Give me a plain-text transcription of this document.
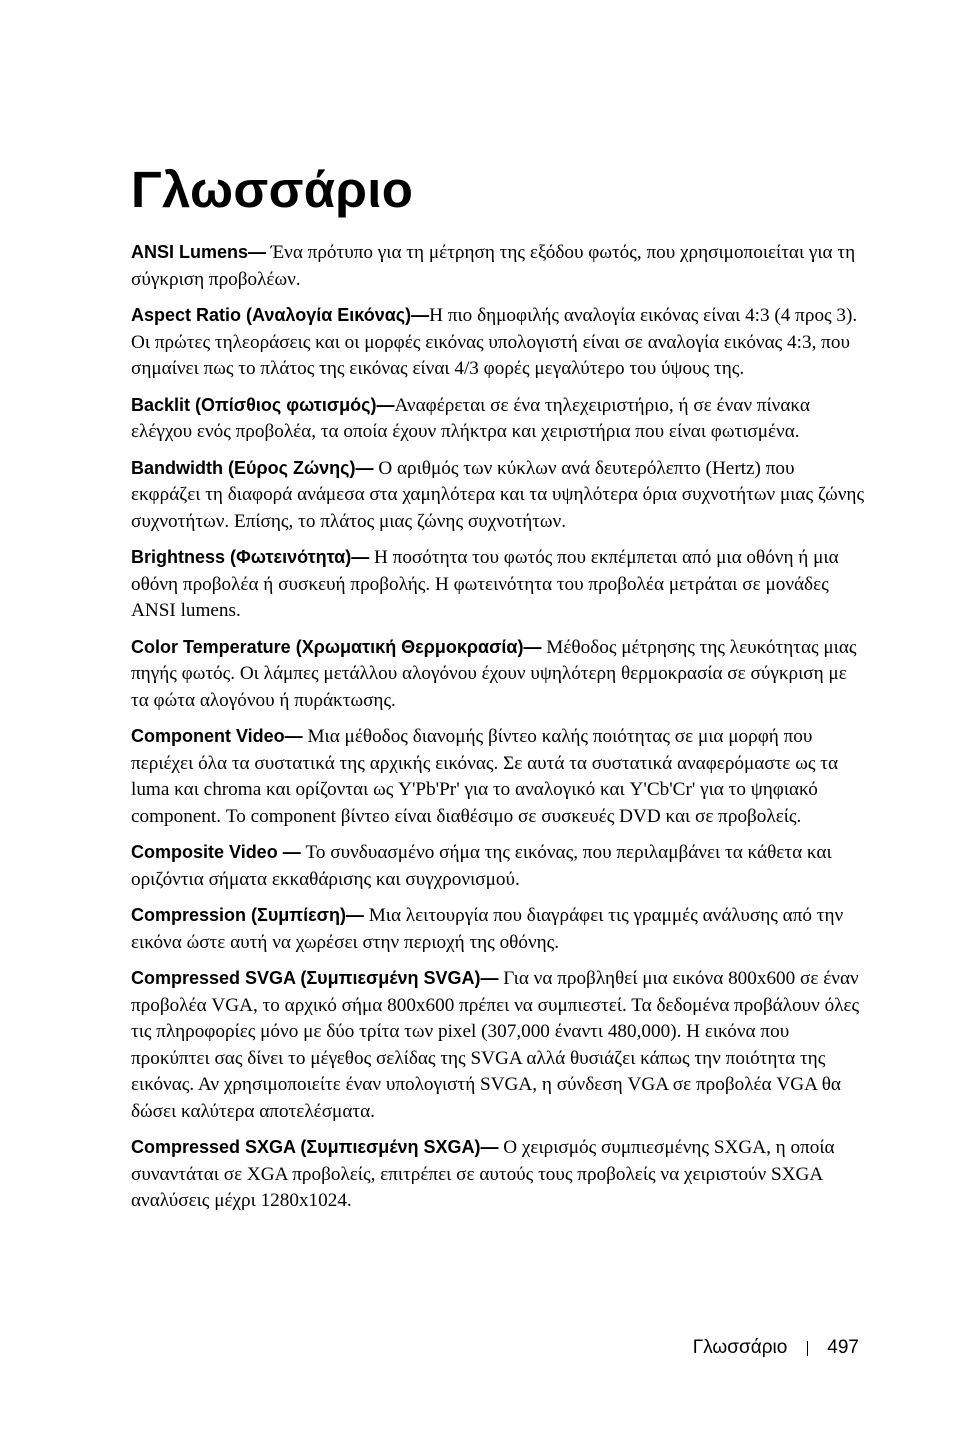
Γλωσσάριο

ANSI Lumens— Ένα πρότυπο για τη μέτρηση της εξόδου φωτός, που χρησιμοποιείται για τη σύγκριση προβολέων.

Aspect Ratio (Αναλογία Εικόνας)—Η πιο δημοφιλής αναλογία εικόνας είναι 4:3 (4 προς 3). Οι πρώτες τηλεοράσεις και οι μορφές εικόνας υπολογιστή είναι σε αναλογία εικόνας 4:3, που σημαίνει πως το πλάτος της εικόνας είναι 4/3 φορές μεγαλύτερο του ύψους της.

Backlit (Οπίσθιος φωτισμός)—Αναφέρεται σε ένα τηλεχειριστήριο, ή σε έναν πίνακα ελέγχου ενός προβολέα, τα οποία έχουν πλήκτρα και χειριστήρια που είναι φωτισμένα.

Bandwidth (Εύρος Ζώνης)— Ο αριθμός των κύκλων ανά δευτερόλεπτο (Hertz) που εκφράζει τη διαφορά ανάμεσα στα χαμηλότερα και τα υψηλότερα όρια συχνοτήτων μιας ζώνης συχνοτήτων. Επίσης, το πλάτος μιας ζώνης συχνοτήτων.

Brightness (Φωτεινότητα)— Η ποσότητα του φωτός που εκπέμπεται από μια οθόνη ή μια οθόνη προβολέα ή συσκευή προβολής. Η φωτεινότητα του προβολέα μετράται σε μονάδες ANSI lumens.

Color Temperature (Χρωματική Θερμοκρασία)— Μέθοδος μέτρησης της λευκότητας μιας πηγής φωτός. Οι λάμπες μετάλλου αλογόνου έχουν υψηλότερη θερμοκρασία σε σύγκριση με τα φώτα αλογόνου ή πυράκτωσης.

Component Video— Μια μέθοδος διανομής βίντεο καλής ποιότητας σε μια μορφή που περιέχει όλα τα συστατικά της αρχικής εικόνας. Σε αυτά τα συστατικά αναφερόμαστε ως τα luma και chroma και ορίζονται ως Y'Pb'Pr' για το αναλογικό και Y'Cb'Cr' για το ψηφιακό component. Το component βίντεο είναι διαθέσιμο σε συσκευές DVD και σε προβολείς.

Composite Video — Το συνδυασμένο σήμα της εικόνας, που περιλαμβάνει τα κάθετα και οριζόντια σήματα εκκαθάρισης και συγχρονισμού.

Compression (Συμπίεση)— Μια λειτουργία που διαγράφει τις γραμμές ανάλυσης από την εικόνα ώστε αυτή να χωρέσει στην περιοχή της οθόνης.

Compressed SVGA (Συμπιεσμένη SVGA)— Για να προβληθεί μια εικόνα 800x600 σε έναν προβολέα VGA, το αρχικό σήμα 800x600 πρέπει να συμπιεστεί. Τα δεδομένα προβάλουν όλες τις πληροφορίες μόνο με δύο τρίτα των pixel (307,000 έναντι 480,000). Η εικόνα που προκύπτει σας δίνει το μέγεθος σελίδας της SVGA αλλά θυσιάζει κάπως την ποιότητα της εικόνας. Αν χρησιμοποιείτε έναν υπολογιστή SVGA, η σύνδεση VGA σε προβολέα VGA θα δώσει καλύτερα αποτελέσματα.

Compressed SXGA (Συμπιεσμένη SXGA)— Ο χειρισμός συμπιεσμένης SXGA, η οποία συναντάται σε XGA προβολείς, επιτρέπει σε αυτούς τους προβολείς να χειριστούν SXGA αναλύσεις μέχρι 1280x1024.

Γλωσσάριο 497
